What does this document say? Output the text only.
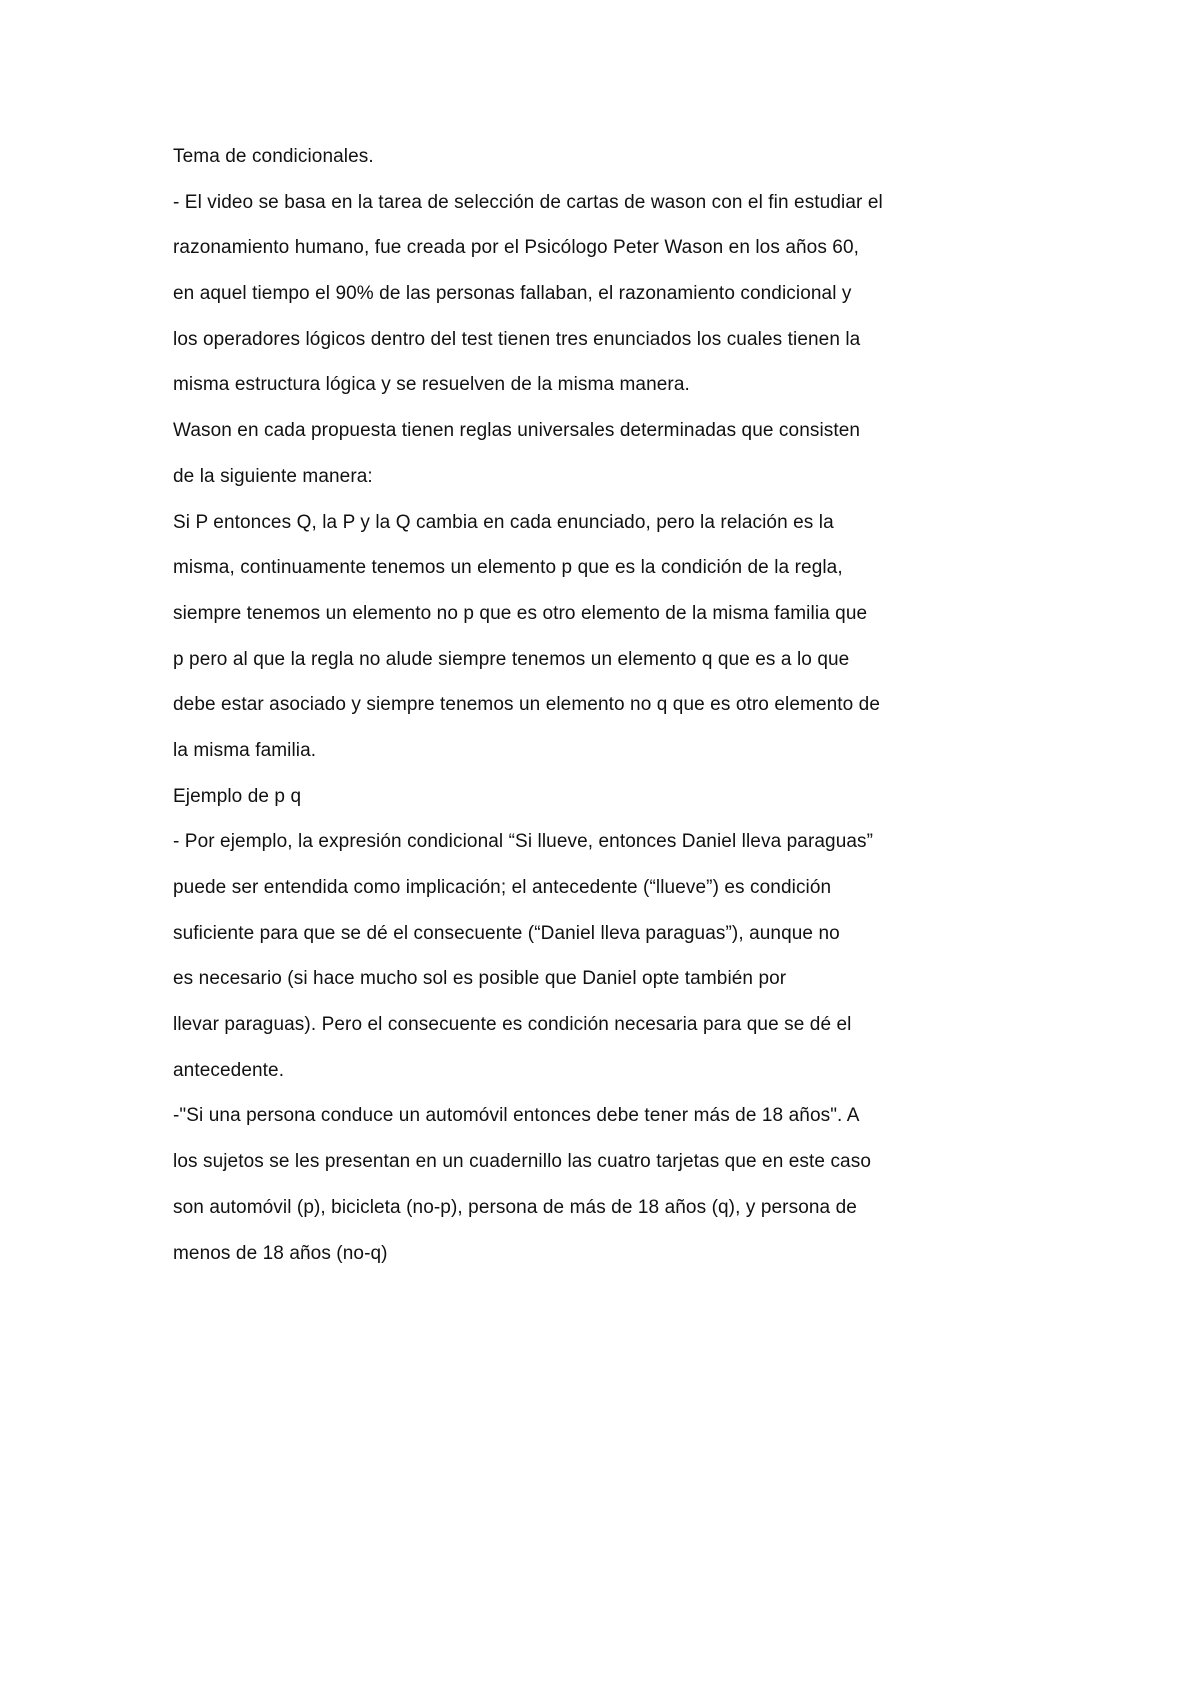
Tema de condicionales.
- El video se basa en la tarea de selección de cartas de wason con el fin estudiar el
razonamiento humano, fue creada por el Psicólogo Peter Wason en los años 60,
en aquel tiempo el 90% de las personas fallaban, el razonamiento condicional y
los operadores lógicos dentro del test tienen tres enunciados los cuales tienen la
misma estructura lógica y se resuelven de la misma manera.
Wason en cada propuesta tienen reglas universales determinadas que consisten
de la siguiente manera:
Si P entonces Q, la P y la Q cambia en cada enunciado, pero la relación es la
misma, continuamente tenemos un elemento p que es la condición de la regla,
siempre tenemos un elemento no p que es otro elemento de la misma familia que
p pero al que la regla no alude siempre tenemos un elemento q que es a lo que
debe estar asociado y siempre tenemos un elemento no q que es otro elemento de
la misma familia.
Ejemplo de p q
- Por ejemplo, la expresión condicional “Si llueve, entonces Daniel lleva paraguas”
puede ser entendida como implicación; el antecedente (“llueve”) es condición
suficiente para que se dé el consecuente (“Daniel lleva paraguas”), aunque no
es necesario (si hace mucho sol es posible que Daniel opte también por
llevar paraguas). Pero el consecuente es condición necesaria para que se dé el
antecedente.
-"Si una persona conduce un automóvil entonces debe tener más de 18 años". A
los sujetos se les presentan en un cuadernillo las cuatro tarjetas que en este caso
son automóvil (p), bicicleta (no-p), persona de más de 18 años (q), y persona de
menos de 18 años (no-q)
